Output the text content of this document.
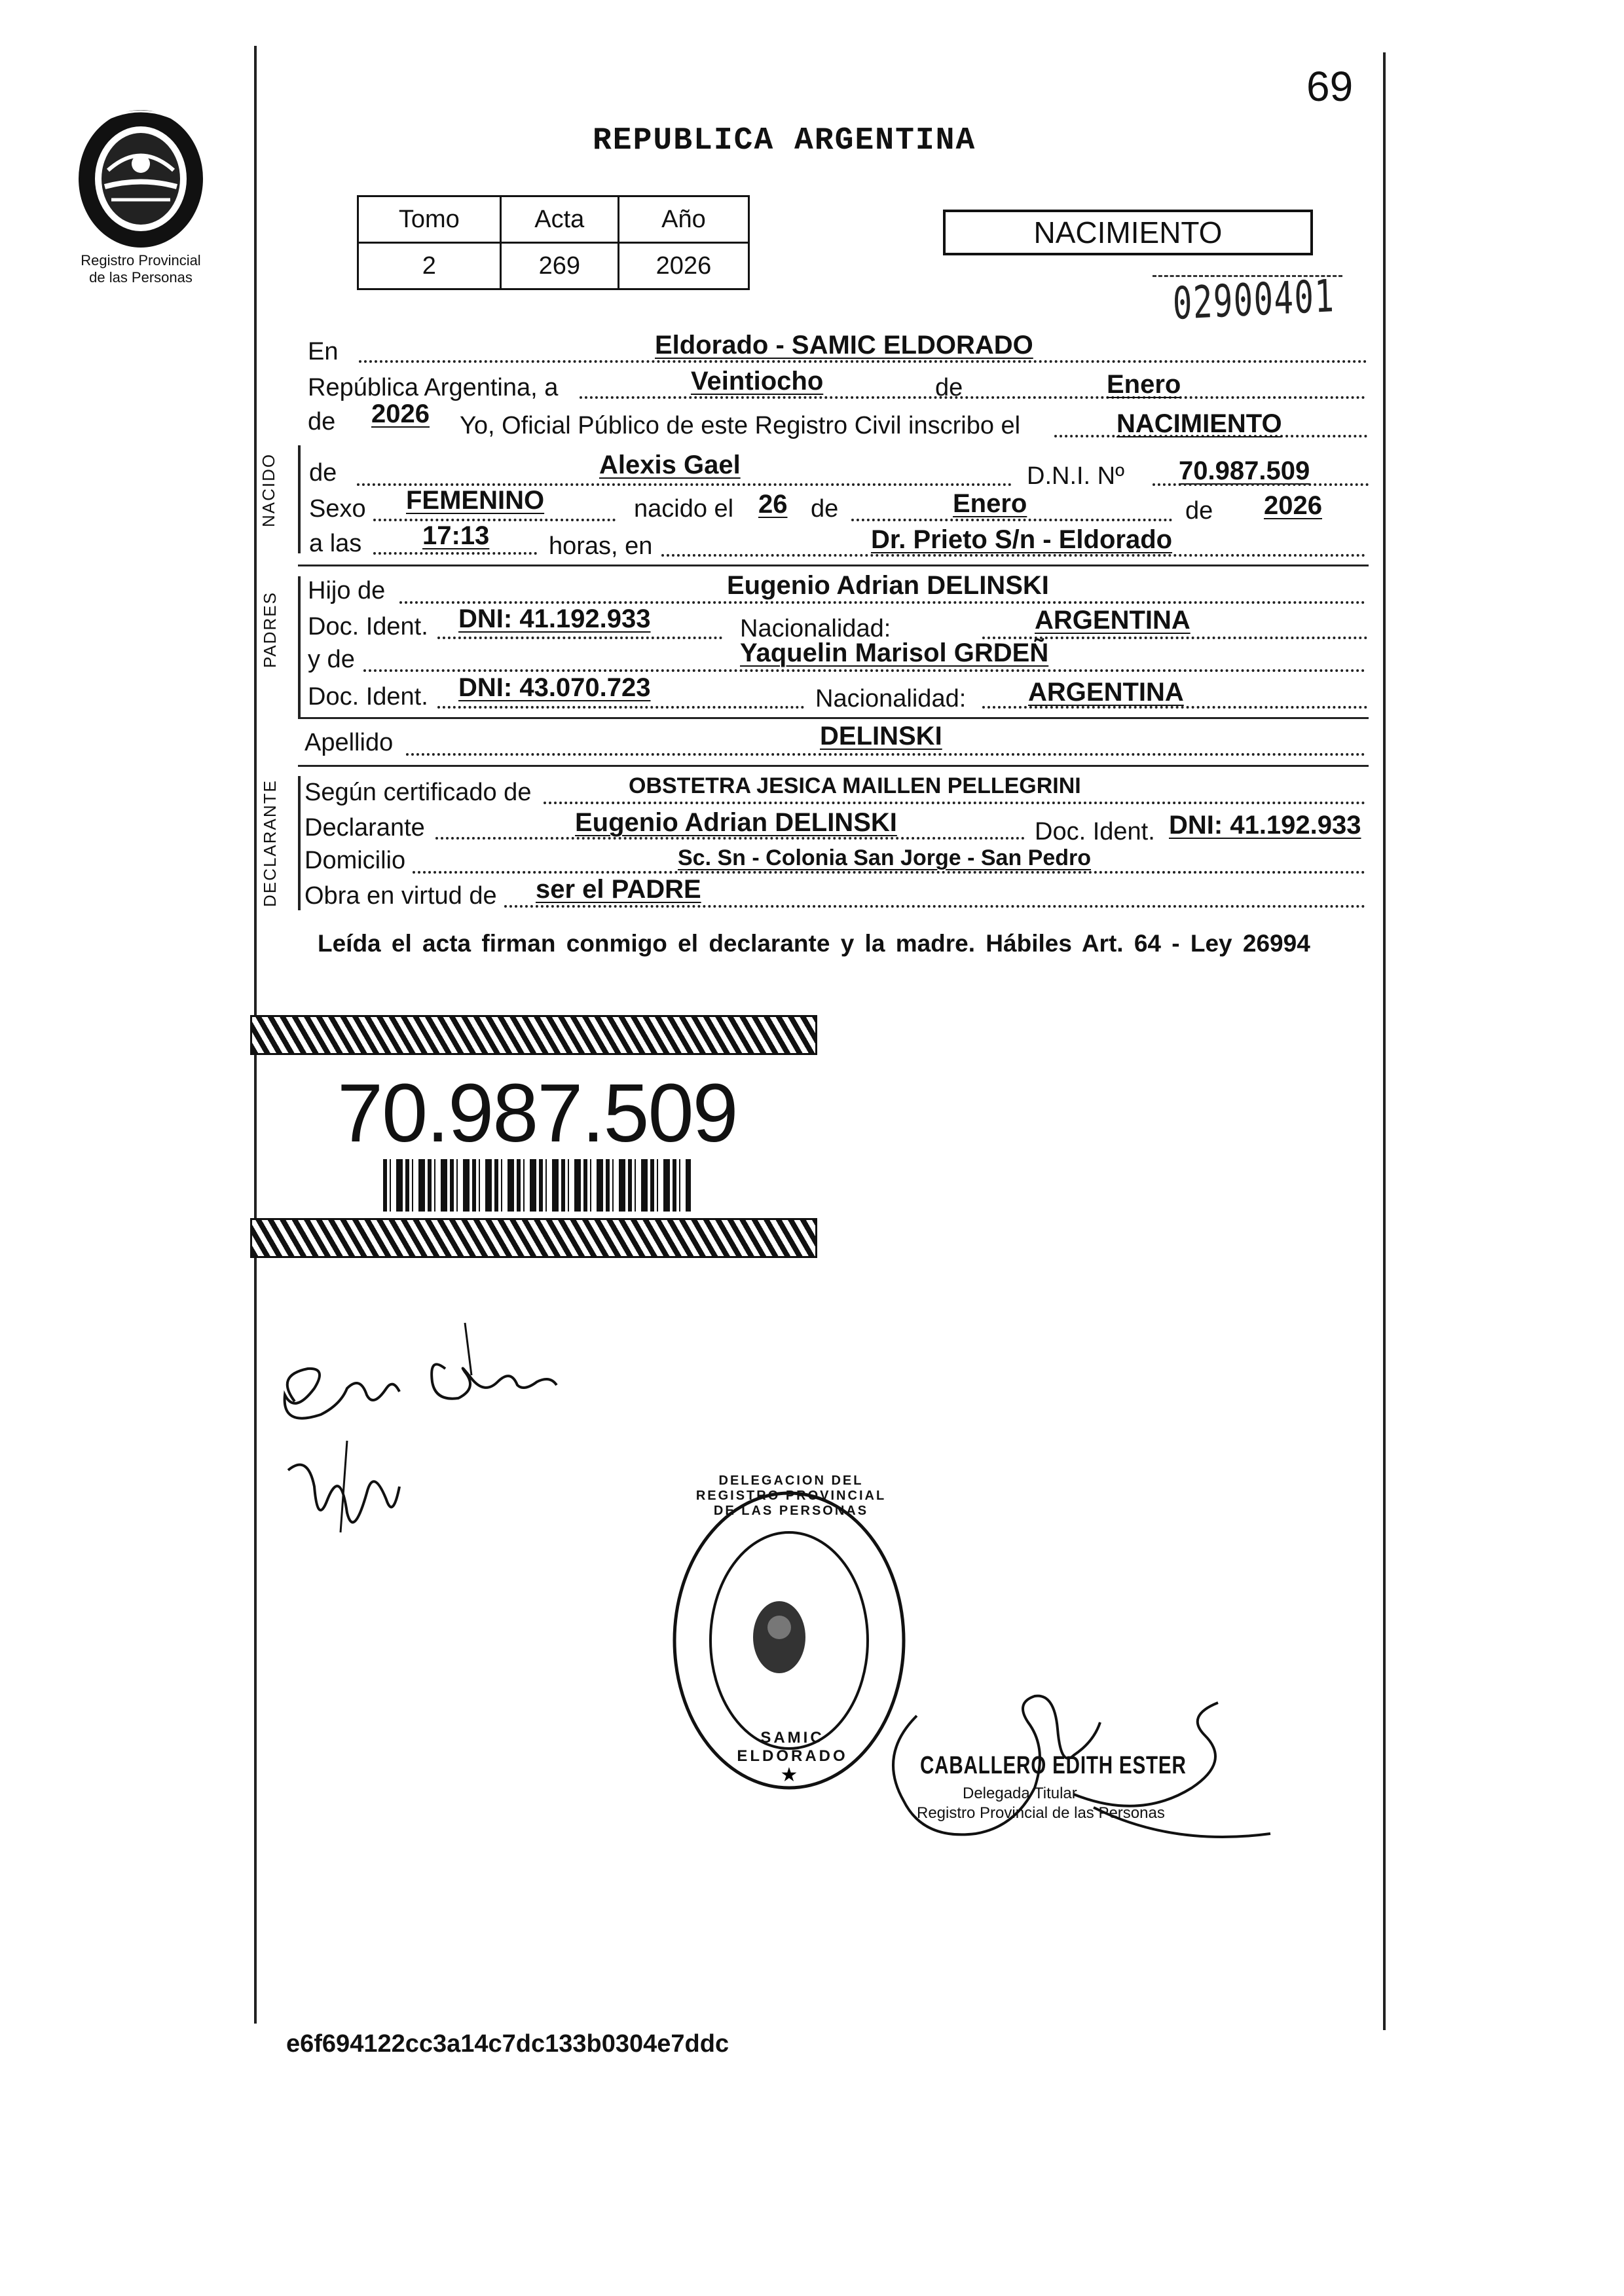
69
Registro Provincial
de las Personas
REPUBLICA ARGENTINA
Tomo	Acta	Año
2	269	2026
NACIMIENTO
02900401
En	Eldorado - SAMIC ELDORADO
República Argentina, a	Veintiocho	de	Enero
de 2026 Yo, Oficial Público de este Registro Civil inscribo el	NACIMIENTO
NACIDO de	Alexis Gael	D.N.I. Nº 70.987.509
Sexo FEMENINO	nacido el 26 de	Enero	de 2026
a las 17:13 horas, en	Dr. Prieto S/n - Eldorado
PADRES
Hijo de	Eugenio Adrian DELINSKI
Doc. Ident. DNI: 41.192.933	Nacionalidad:	ARGENTINA
y de	Yaquelin Marisol GRDEÑ
Doc. Ident. DNI: 43.070.723	Nacionalidad: ARGENTINA
Apellido	DELINSKI
DECLARANTE Según certificado de	OBSTETRA JESICA MAILLEN PELLEGRINI
Declarante	Eugenio Adrian DELINSKI	Doc. Ident. DNI: 41.192.933
Domicilio	Sc. Sn - Colonia San Jorge - San Pedro
Obra en virtud de ser el PADRE
Leída el acta firman conmigo el declarante y la madre. Hábiles Art. 64 - Ley 26994
70.987.509
★
DELEGACION DEL REGISTRO PROVINCIAL DE LAS PERSONAS
SAMIC ELDORADO	CABALLERO EDITH ESTER
Delegada Titular
Registro Provincial de las Personas
e6f694122cc3a14c7dc133b0304e7ddc
